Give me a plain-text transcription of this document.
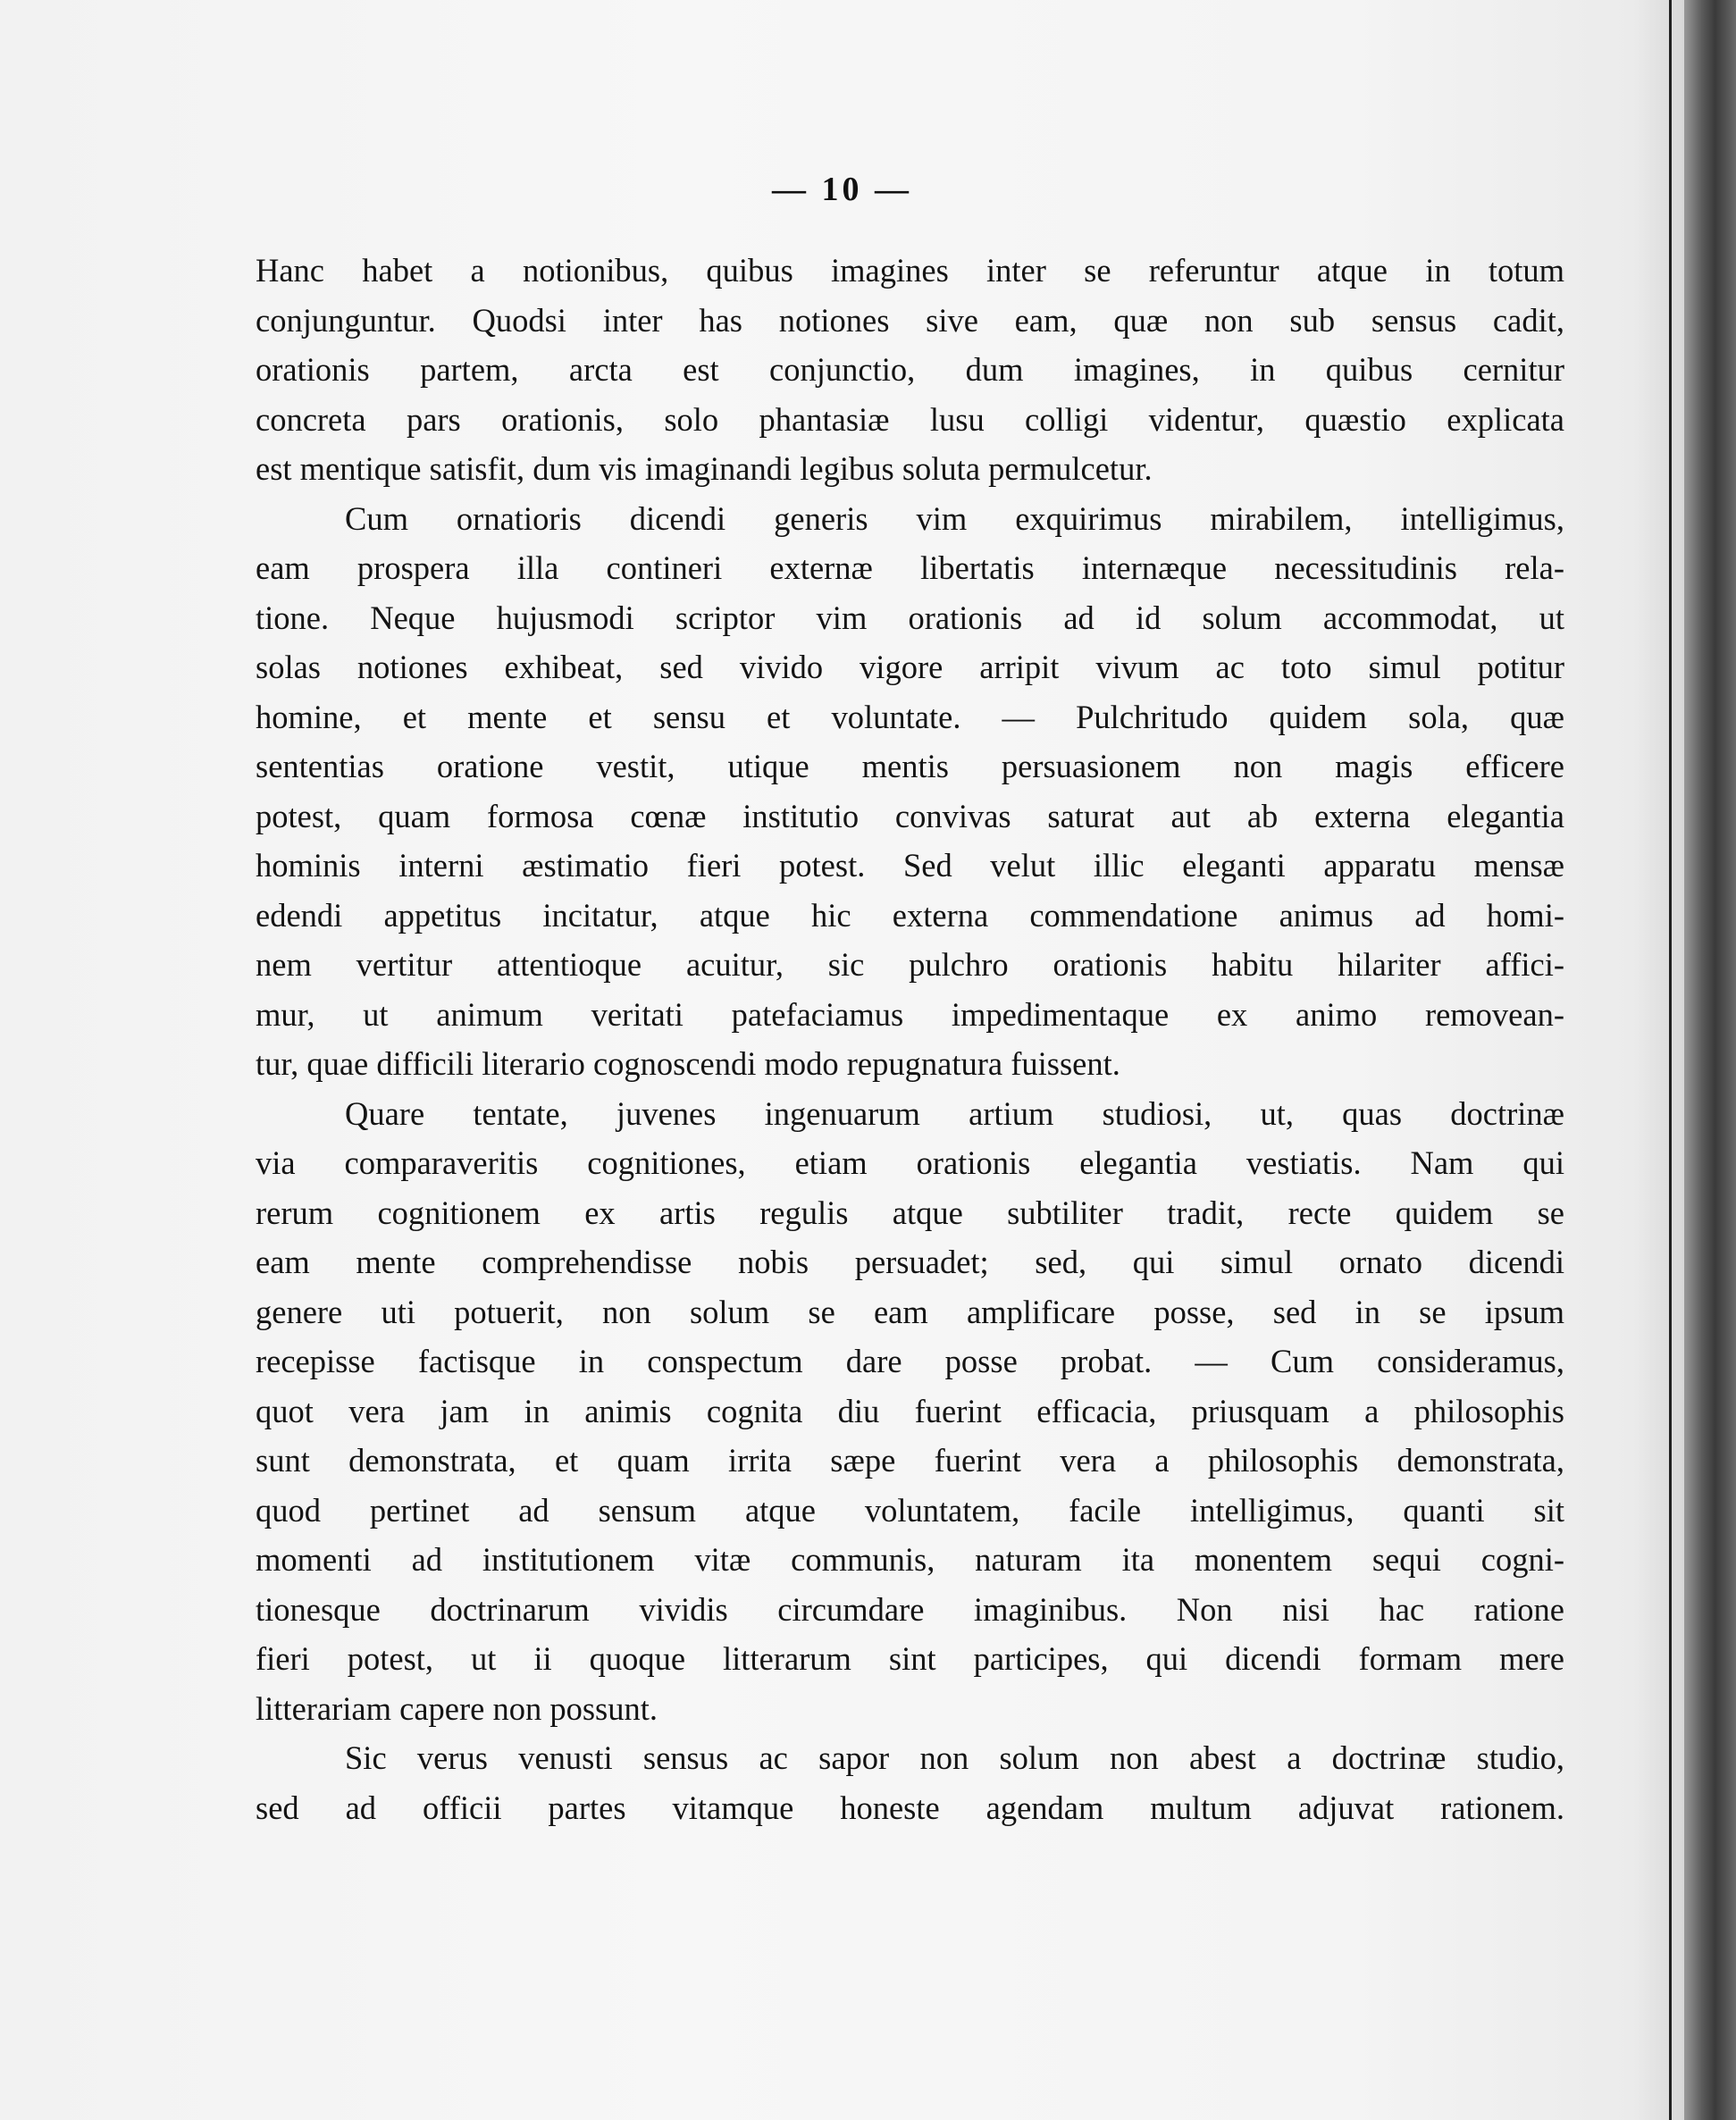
— 10 —
Hanc habet a notionibus, quibus imagines inter se referuntur atque in totum
conjunguntur. Quodsi inter has notiones sive eam, quæ non sub sensus cadit,
orationis partem, arcta est conjunctio, dum imagines, in quibus cernitur
concreta pars orationis, solo phantasiæ lusu colligi videntur, quæstio explicata
est mentique satisfit, dum vis imaginandi legibus soluta permulcetur.
Cum ornatioris dicendi generis vim exquirimus mirabilem, intelligimus,
eam prospera illa contineri externæ libertatis internæque necessitudinis rela-
tione. Neque hujusmodi scriptor vim orationis ad id solum accommodat, ut
solas notiones exhibeat, sed vivido vigore arripit vivum ac toto simul potitur
homine, et mente et sensu et voluntate. — Pulchritudo quidem sola, quæ
sententias oratione vestit, utique mentis persuasionem non magis efficere
potest, quam formosa cœnæ institutio convivas saturat aut ab externa elegantia
hominis interni æstimatio fieri potest. Sed velut illic eleganti apparatu mensæ
edendi appetitus incitatur, atque hic externa commendatione animus ad homi-
nem vertitur attentioque acuitur, sic pulchro orationis habitu hilariter affici-
mur, ut animum veritati patefaciamus impedimentaque ex animo removean-
tur, quae difficili literario cognoscendi modo repugnatura fuissent.
Quare tentate, juvenes ingenuarum artium studiosi, ut, quas doctrinæ
via comparaveritis cognitiones, etiam orationis elegantia vestiatis. Nam qui
rerum cognitionem ex artis regulis atque subtiliter tradit, recte quidem se
eam mente comprehendisse nobis persuadet; sed, qui simul ornato dicendi
genere uti potuerit, non solum se eam amplificare posse, sed in se ipsum
recepisse factisque in conspectum dare posse probat. — Cum consideramus,
quot vera jam in animis cognita diu fuerint efficacia, priusquam a philosophis
sunt demonstrata, et quam irrita sæpe fuerint vera a philosophis demonstrata,
quod pertinet ad sensum atque voluntatem, facile intelligimus, quanti sit
momenti ad institutionem vitæ communis, naturam ita monentem sequi cogni-
tionesque doctrinarum vividis circumdare imaginibus. Non nisi hac ratione
fieri potest, ut ii quoque litterarum sint participes, qui dicendi formam mere
litterariam capere non possunt.
Sic verus venusti sensus ac sapor non solum non abest a doctrinæ studio,
sed ad officii partes vitamque honeste agendam multum adjuvat rationem.
